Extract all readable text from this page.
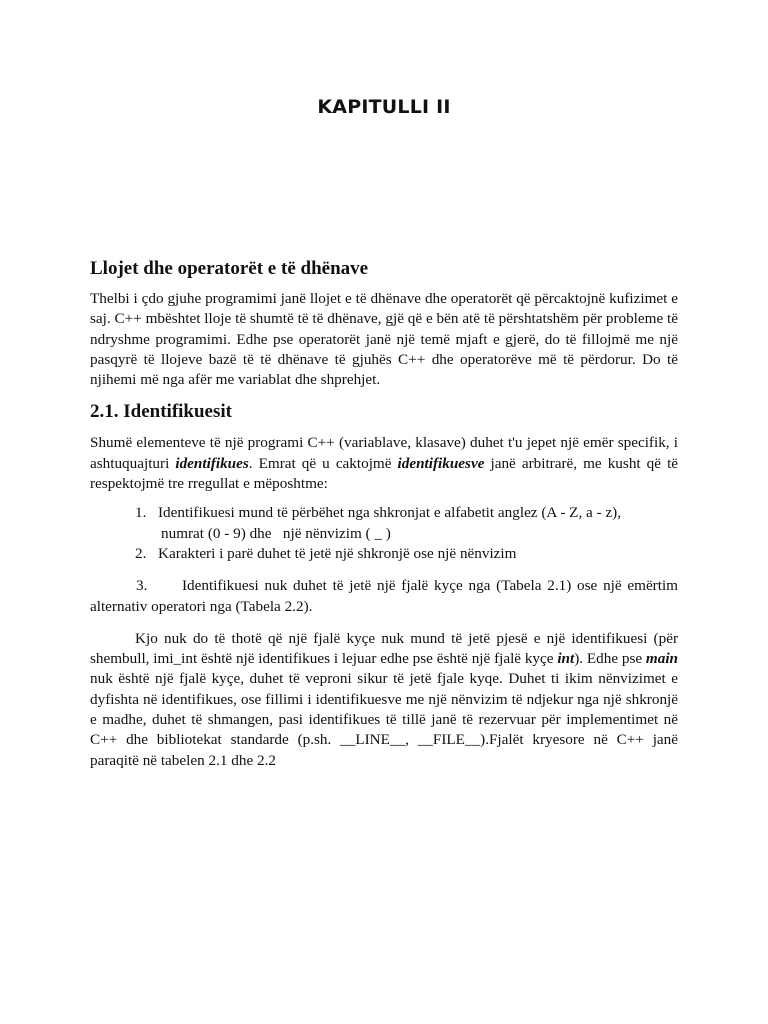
KAPITULLI II
Llojet dhe operatorët e të dhënave

Thelbi i çdo gjuhe programimi janë llojet e të dhënave dhe operatorët që përcaktojnë kufizimet e saj. C++ mbështet lloje të shumtë të të dhënave, gjë që e bën atë të përshtatshëm për probleme të ndryshme programimi. Edhe pse operatorët janë një temë mjaft e gjerë, do të fillojmë me një pasqyrë të llojeve bazë të të dhënave të gjuhës C++ dhe operatorëve më të përdorur. Do të njihemi më nga afër me variablat dhe shprehjet.

2.1. Identifikuesit

Shumë elementeve të një programi C++ (variablave, klasave) duhet t'u jepet një emër specifik, i ashtuquajturi identifikues. Emrat që u caktojmë identifikuesve janë arbitrarë, me kusht që të respektojmë tre rregullat e mëposhtme:

1. Identifikuesi mund të përbëhet nga shkronjat e alfabetit anglez (A - Z, a - z),
numrat (0 - 9) dhe   një nënvizim ( _ )
2. Karakteri i parë duhet të jetë një shkronjë ose një nënvizim

3. Identifikuesi nuk duhet të jetë një fjalë kyçe nga (Tabela 2.1) ose një emërtim alternativ operatori nga (Tabela 2.2).

Kjo nuk do të thotë që një fjalë kyçe nuk mund të jetë pjesë e një identifikuesi (për shembull, imi_int është një identifikues i lejuar edhe pse është një fjalë kyçe int). Edhe pse main nuk është një fjalë kyçe, duhet të veproni sikur të jetë fjale kyqe. Duhet ti ikim nënvizimet e dyfishta në identifikues, ose fillimi i identifikuesve me një nënvizim të ndjekur nga një shkronjë e madhe, duhet të shmangen, pasi identifikues të tillë janë të rezervuar për implementimet në C++ dhe bibliotekat standarde (p.sh. __LINE__, __FILE__).Fjalët kryesore në C++ janë paraqitë në tabelen 2.1 dhe 2.2
